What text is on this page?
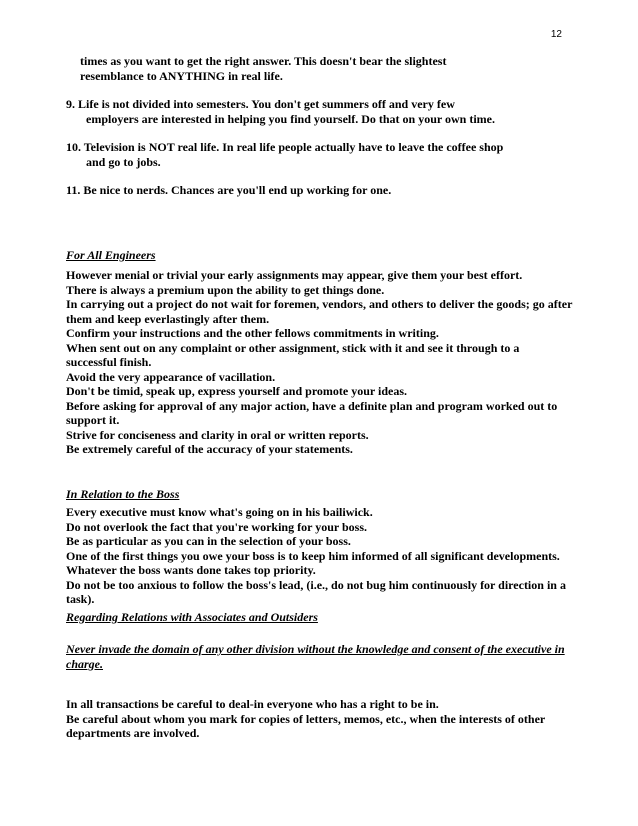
12

times as you want to get the right answer. This doesn't bear the slightest

resemblance to ANYTHING in real life.

9. Life is not divided into semesters. You don't get summers off and very few employers are interested in helping you find yourself. Do that on your own time.

10. Television is NOT real life. In real life people actually have to leave the coffee shop and go to jobs.

11. Be nice to nerds. Chances are you'll end up working for one.

For All Engineers

However menial or trivial your early assignments may appear, give them your best effort.

There is always a premium upon the ability to get things done.

In carrying out a project do not wait for foremen, vendors, and others to deliver the goods; go after them and keep everlastingly after them.

Confirm your instructions and the other fellows commitments in writing.

When sent out on any complaint or other assignment, stick with it and see it through to a successful finish.

Avoid the very appearance of vacillation.

Don't be timid, speak up, express yourself and promote your ideas.

Before asking for approval of any major action, have a definite plan and program worked out to support it.

Strive for conciseness and clarity in oral or written reports.

Be extremely careful of the accuracy of your statements.

In Relation to the Boss

Every executive must know what's going on in his bailiwick.

Do not overlook the fact that you're working for your boss.

Be as particular as you can in the selection of your boss.

One of the first things you owe your boss is to keep him informed of all significant developments.

Whatever the boss wants done takes top priority.

Do not be too anxious to follow the boss's lead, (i.e., do not bug him continuously for direction in a task).

Regarding Relations with Associates and Outsiders

Never invade the domain of any other division without the knowledge and consent of the executive in charge.

In all transactions be careful to deal-in everyone who has a right to be in.

Be careful about whom you mark for copies of letters, memos, etc., when the interests of other departments are involved.
